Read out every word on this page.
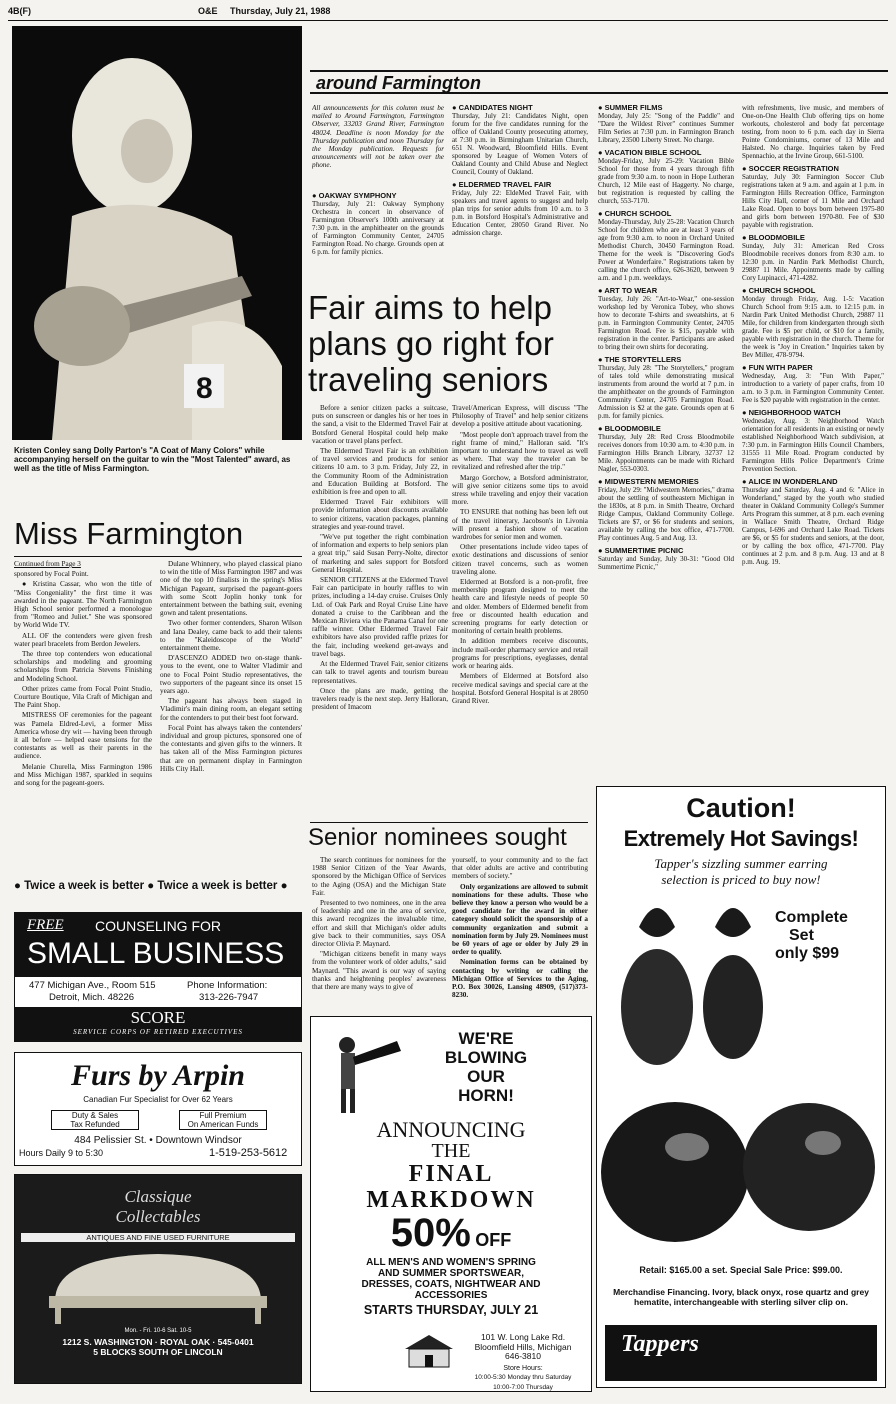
4B(F)	O&E Thursday, July 21, 1988
8
Kristen Conley sang Dolly Parton's "A Coat of Many Colors" while accompanying herself on the guitar to win the "Most Talented" award, as well as the title of Miss Farmington.
Miss Farmington

Continued from Page 3

sponsored by Focal Point.

● Kristina Cassar, who won the title of "Miss Congeniality" the first time it was awarded in the pageant. The North Farmington High School senior performed a monologue from "Romeo and Juliet." She was sponsored by World Wide TV.

ALL OF the contenders were given fresh water pearl bracelets from Berdon Jewelers.

The three top contenders won educational scholarships and modeling and grooming scholarships from Patricia Stevens Finishing and Modeling School.

Other prizes came from Focal Point Studio, Courture Boutique, Vila Craft of Michigan and The Paint Shop.

MISTRESS OF ceremonies for the pageant was Pamela Eldred-Levi, a former Miss America whose dry wit — having been through it all before — helped ease tensions for the contestants as well as their parents in the audience.

Melanie Churella, Miss Farmington 1986 and Miss Michigan 1987, sparkled in sequins and song for the pageant-goers.

Dulane Whinnery, who played classical piano to win the title of Miss Farmington 1987 and was one of the top 10 finalists in the spring's Miss Michigan Pageant, surprised the pageant-goers with some Scott Joplin honky tonk for entertainment between the bathing suit, evening gown and talent presentations.

Two other former contenders, Sharon Wilson and Iana Dealey, came back to add their talents to the "Kaleidoscope of the World" entertainment theme.

D'ASCENZO ADDED two on-stage thank-yous to the event, one to Walter Vladimir and one to Focal Point Studio representatives, the two supporters of the pageant since its onset 15 years ago.

The pageant has always been staged in Vladimir's main dining room, an elegant setting for the contenders to put their best foot forward.

Focal Point has always taken the contenders' individual and group pictures, sponsored one of the contestants and given gifts to the winners. It has taken all of the Miss Farmington pictures that are on permanent display in Farmington Hills City Hall.

● Twice a week is better ● Twice a week is better ●
FREE COUNSELING FOR
SMALL BUSINESS
477 Michigan Ave., Room 515
Detroit, Mich. 48226
Phone Information:
313-226-7947
SCORE
SERVICE CORPS OF RETIRED EXECUTIVES
Furs by Arpin
Canadian Fur Specialist for Over 62 Years
Duty & Sales
Tax Refunded
Full Premium
On American Funds
484 Pelissier St. • Downtown Windsor
Hours Daily 9 to 5:30	1-519-253-5612
Classique
Collectables
ANTIQUES AND FINE USED FURNITURE
Mon. - Fri. 10-6 Sat. 10-5
1212 S. WASHINGTON · ROYAL OAK · 545-0401
5 BLOCKS SOUTH OF LINCOLN
around Farmington
All announcements for this column must be mailed to Around Farmington, Farmington Observer, 33203 Grand River, Farmington 48024. Deadline is noon Monday for the Thursday publication and noon Thursday for the Monday publication. Requests for announcements will not be taken over the phone.
● OAKWAY SYMPHONY
Thursday, July 21: Oakway Symphony Orchestra in concert in observance of Farmington Observer's 100th anniversary at 7:30 p.m. in the amphitheater on the grounds of Farmington Community Center, 24705 Farmington Road. No charge. Grounds open at 6 p.m. for family picnics.
● CANDIDATES NIGHT
Thursday, July 21: Candidates Night, open forum for the five candidates running for the office of Oakland County prosecuting attorney, at 7:30 p.m. in Birmingham Unitarian Church, 651 N. Woodward, Bloomfield Hills. Event sponsored by League of Women Voters of Oakland County and Child Abuse and Neglect Council, County of Oakland.
● ELDERMED TRAVEL FAIR
Friday, July 22: EldeMed Travel Fair, with speakers and travel agents to suggest and help plan trips for senior adults from 10 a.m. to 3 p.m. in Botsford Hospital's Administrative and Education Center, 28050 Grand River. No admission charge.
Fair aims to help plans go right for traveling seniors

Before a senior citizen packs a suitcase, puts on sunscreen or dangles his or her toes in the sand, a visit to the Eldermed Travel Fair at Botsford General Hospital could help make vacation or travel plans perfect.

The Eldermed Travel Fair is an exhibition of travel services and products for senior citizens 10 a.m. to 3 p.m. Friday, July 22, in the Community Room of the Administration and Education Building at Botsford. The exhibition is free and open to all.

Eldermed Travel Fair exhibitors will provide information about discounts available to senior citizens, vacation packages, planning strategies and year-round travel.

"We've put together the right combination of information and experts to help seniors plan a great trip," said Susan Perry-Nolte, director of marketing and sales support for Botsford General Hospital.

SENIOR CITIZENS at the Eldermed Travel Fair can participate in hourly raffles to win prizes, including a 14-day cruise. Cruises Only Ltd. of Oak Park and Royal Cruise Line have donated a cruise to the Caribbean and the Mexican Riviera via the Panama Canal for one raffle winner. Other Eldermed Travel Fair exhibitors have also provided raffle prizes for the fair, including weekend get-aways and travel bags.

At the Eldermed Travel Fair, senior citizens can talk to travel agents and tourism bureau representatives.

Once the plans are made, getting the travelers ready is the next step. Jerry Halloran, president of Imacom

Travel/American Express, will discuss "The Philosophy of Travel" and help senior citizens develop a positive attitude about vacationing.

"Most people don't approach travel from the right frame of mind," Halloran said. "It's important to understand how to travel as well as where. That way the traveler can be revitalized and refreshed after the trip."

Margo Gorchow, a Botsford administrator, will give senior citizens some tips to avoid stress while traveling and enjoy their vacation more.

TO ENSURE that nothing has been left out of the travel itinerary, Jacobson's in Livonia will present a fashion show of vacation wardrobes for senior men and women.

Other presentations include video tapes of exotic destinations and discussions of senior citizen travel concerns, such as women traveling alone.

Eldermed at Botsford is a non-profit, free membership program designed to meet the health care and lifestyle needs of people 50 and older. Members of Eldermed benefit from free or discounted health education and screening programs for early detection or monitoring of certain health problems.

In addition members receive discounts, include mail-order pharmacy service and retail programs for prescriptions, eyeglasses, dental work or hearing aids.

Members of Eldermed at Botsford also receive medical savings and special care at the hospital. Botsford General Hospital is at 28050 Grand River.

● SUMMER FILMS
Monday, July 25: "Song of the Paddle" and "Dare the Wildest River" continues Summer Film Series at 7:30 p.m. in Farmington Branch Library, 23500 Liberty Street. No charge.
● VACATION BIBLE SCHOOL
Monday-Friday, July 25-29: Vacation Bible School for those from 4 years through fifth grade from 9:30 a.m. to noon in Hope Lutheran Church, 12 Mile east of Haggerty. No charge, but registration is requested by calling the church, 553-7170.
● CHURCH SCHOOL
Monday-Thursday, July 25-28: Vacation Church School for children who are at least 3 years of age from 9:30 a.m. to noon in Orchard United Methodist Church, 30450 Farmington Road. Theme for the week is "Discovering God's Power at Wonderfaire." Registrations taken by calling the church office, 626-3620, between 9 a.m. and 1 p.m. weekdays.
● ART TO WEAR
Tuesday, July 26: "Art-to-Wear," one-session workshop led by Veronica Tobey, who shows how to decorate T-shirts and sweatshirts, at 6 p.m. in Farmington Community Center, 24705 Farmington Road. Fee is $15, payable with registration in the center. Participants are asked to bring their own shirts for decorating.
● THE STORYTELLERS
Thursday, July 28: "The Storytellers," program of tales told while demonstrating musical instruments from around the world at 7 p.m. in the amphitheater on the grounds of Farmington Community Center, 24705 Farmington Road. Admission is $2 at the gate. Grounds open at 6 p.m. for family picnics.
● BLOODMOBILE
Thursday, July 28: Red Cross Bloodmobile receives donors from 10:30 a.m. to 4:30 p.m. in Farmington Hills Branch Library, 32737 12 Mile. Appointments can be made with Richard Nagler, 553-0303.
● MIDWESTERN MEMORIES
Friday, July 29: "Midwestern Memories," drama about the settling of southeastern Michigan in the 1830s, at 8 p.m. in Smith Theatre, Orchard Ridge Campus, Oakland Community College. Tickets are $7, or $6 for students and seniors, available by calling the box office, 471-7700. Play continues Aug. 5 and Aug. 13.
● SUMMERTIME PICNIC
Saturday and Sunday, July 30-31: "Good Old Summertime Picnic,"
with refreshments, live music, and members of One-on-One Health Club offering tips on home workouts, cholesterol and body fat percentage testing, from noon to 6 p.m. each day in Sierra Pointe Condominiums, corner of 13 Mile and Halsted. No charge. Inquiries taken by Fred Spennachio, at the Irvine Group, 661-5100.
● SOCCER REGISTRATION
Saturday, July 30: Farmington Soccer Club registrations taken at 9 a.m. and again at 1 p.m. in Farmington Hills Recreation Office, Farmington Hills City Hall, corner of 11 Mile and Orchard Lake Road. Open to boys born between 1975-80 and girls born between 1970-80. Fee of $30 payable with registration.
● BLOODMOBILE
Sunday, July 31: American Red Cross Bloodmobile receives donors from 8:30 a.m. to 12:30 p.m. in Nardin Park Methodist Church, 29887 11 Mile. Appointments made by calling Cory Lupinacci, 471-4282.
● CHURCH SCHOOL
Monday through Friday, Aug. 1-5: Vacation Church School from 9:15 a.m. to 12:15 p.m. in Nardin Park United Methodist Church, 29887 11 Mile, for children from kindergarten through sixth grade. Fee is $5 per child, or $10 for a family, payable with registration in the church. Theme for the week is "Joy in Creation." Inquiries taken by Bev Miller, 478-9794.
● FUN WITH PAPER
Wednesday, Aug. 3: "Fun With Paper," introduction to a variety of paper crafts, from 10 a.m. to 3 p.m. in Farmington Community Center. Fee is $20 payable with registration in the center.
● NEIGHBORHOOD WATCH
Wednesday, Aug. 3: Neighborhood Watch orientation for all residents in an existing or newly established Neighborhood Watch subdivision, at 7:30 p.m. in Farmington Hills Council Chambers, 31555 11 Mile Road. Program conducted by Farmington Hills Police Department's Crime Prevention Section.
● ALICE IN WONDERLAND
Thursday and Saturday, Aug. 4 and 6: "Alice in Wonderland," staged by the youth who studied theater in Oakland Community College's Summer Arts Program this summer, at 8 p.m. each evening in Wallace Smith Theatre, Orchard Ridge Campus, I-696 and Orchard Lake Road. Tickets are $6, or $5 for students and seniors, at the door, or by calling the box office, 471-7700. Play continues at 2 p.m. and 8 p.m. Aug. 13 and at 8 p.m. Aug. 19.
Senior nominees sought

The search continues for nominees for the 1988 Senior Citizen of the Year Awards, sponsored by the Michigan Office of Services to the Aging (OSA) and the Michigan State Fair.

Presented to two nominees, one in the area of leadership and one in the area of service, this award recognizes the invaluable time, effort and skill that Michigan's older adults give back to their communities, says OSA director Olivia P. Maynard.

"Michigan citizens benefit in many ways from the volunteer work of older adults," said Maynard. "This award is our way of saying thanks and heightening peoples' awareness that there are many ways to give of

yourself, to your community and to the fact that older adults are active and contributing members of society."

Only organizations are allowed to submit nominations for these adults. Those who believe they know a person who would be a good candidate for the award in either category should solicit the sponsorship of a community organization and submit a nomination form by July 29. Nominees must be 60 years of age or older by July 29 in order to qualify.

Nomination forms can be obtained by contacting by writing or calling the Michigan Office of Services to the Aging, P.O. Box 30026, Lansing 48909, (517)373-8230.

WE'RE
BLOWING
OUR
HORN!
ANNOUNCING
THE
FINAL
MARKDOWN
50% OFF
ALL MEN'S AND WOMEN'S SPRING
AND SUMMER SPORTSWEAR,
DRESSES, COATS, NIGHTWEAR AND
ACCESSORIES
STARTS THURSDAY, JULY 21
101 W. Long Lake Rd.
Bloomfield Hills, Michigan
646-3810
Store Hours:
10:00-5:30 Monday thru Saturday
10:00-7:00 Thursday
Caution!
Extremely Hot Savings!
Tapper's sizzling summer earring
selection is priced to buy now!
Complete
Set
only $99
Retail: $165.00 a set. Special Sale Price: $99.00.
Merchandise Financing. Ivory, black onyx, rose quartz and grey hematite, interchangeable with sterling silver clip on.
Tappers
